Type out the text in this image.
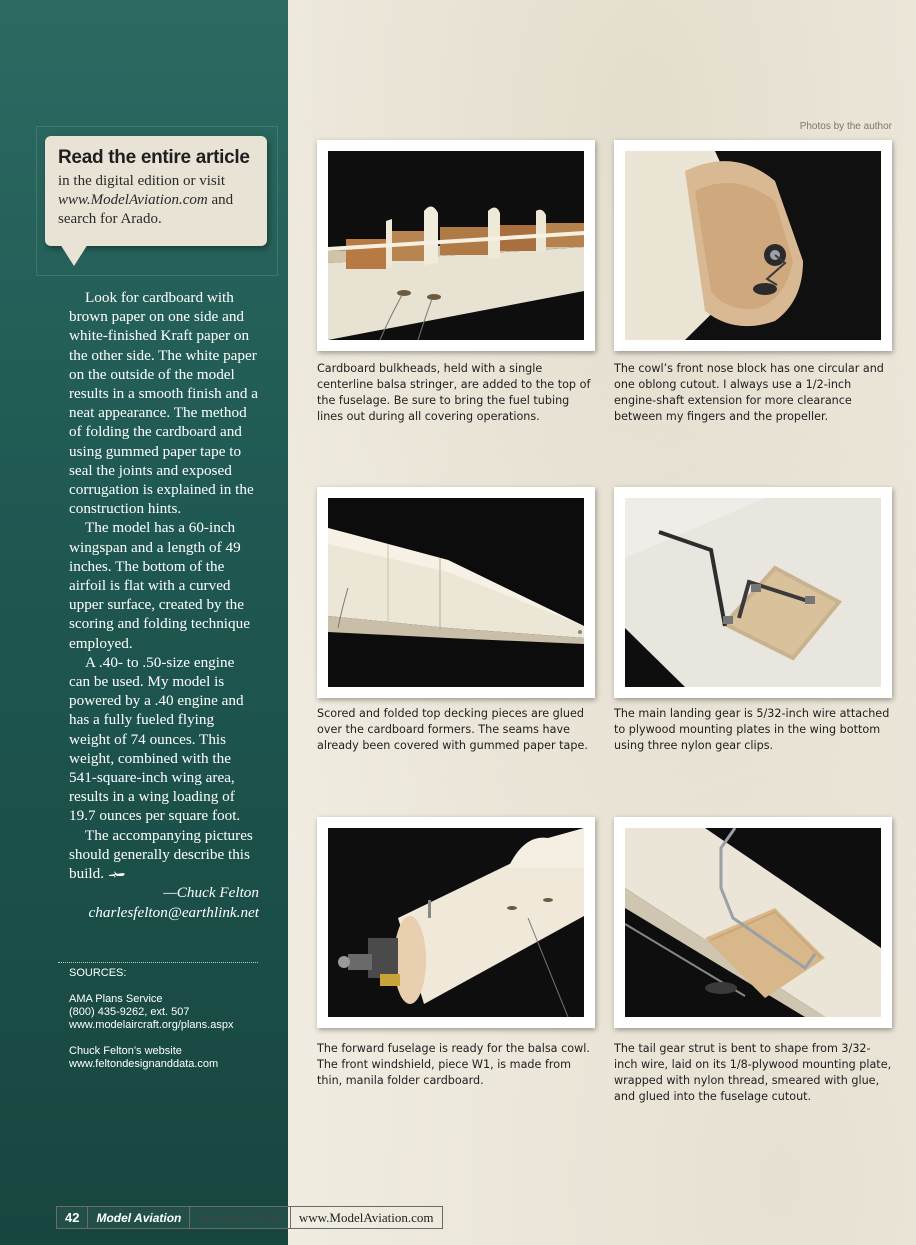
Read the entire article
in the digital edition or visit
www.ModelAviation.com and
search for Arado.

Look for cardboard with brown paper on one side and white-finished Kraft paper on the other side. The white paper on the outside of the model results in a smooth finish and a neat appearance. The method of folding the cardboard and using gummed paper tape to seal the joints and exposed corrugation is explained in the construction hints.

The model has a 60-inch wingspan and a length of 49 inches. The bottom of the airfoil is flat with a curved upper surface, created by the scoring and folding technique employed.

A .40- to .50-size engine can be used. My model is powered by a .40 engine and has a fully fueled flying weight of 74 ounces. This weight, combined with the 541-square-inch wing area, results in a wing loading of 19.7 ounces per square foot.

The accompanying pictures should generally describe this build.

—Chuck Felton
charlesfelton@earthlink.net
SOURCES:
AMA Plans Service
(800) 435-9262, ext. 507
www.modelaircraft.org/plans.aspx
Chuck Felton’s website
www.feltondesignanddata.com
Photos by the author
Cardboard bulkheads, held with a single centerline balsa stringer, are added to the top of the fuselage. Be sure to bring the fuel tubing lines out during all covering operations.
The cowl’s front nose block has one circular and one oblong cutout. I always use a 1/2-inch engine-shaft extension for more clearance between my fingers and the propeller.
Scored and folded top decking pieces are glued over the cardboard formers. The seams have already been covered with gummed paper tape.
The main landing gear is 5/32-inch wire attached to plywood mounting plates in the wing bottom using three nylon gear clips.
The forward fuselage is ready for the balsa cowl. The front windshield, piece W1, is made from thin, manila folder cardboard.
The tail gear strut is bent to shape from 3/32-inch wire, laid on its 1/8-plywood mounting plate, wrapped with nylon thread, smeared with glue, and glued into the fuselage cutout.
42	Model Aviation	September 2014	www.ModelAviation.com
